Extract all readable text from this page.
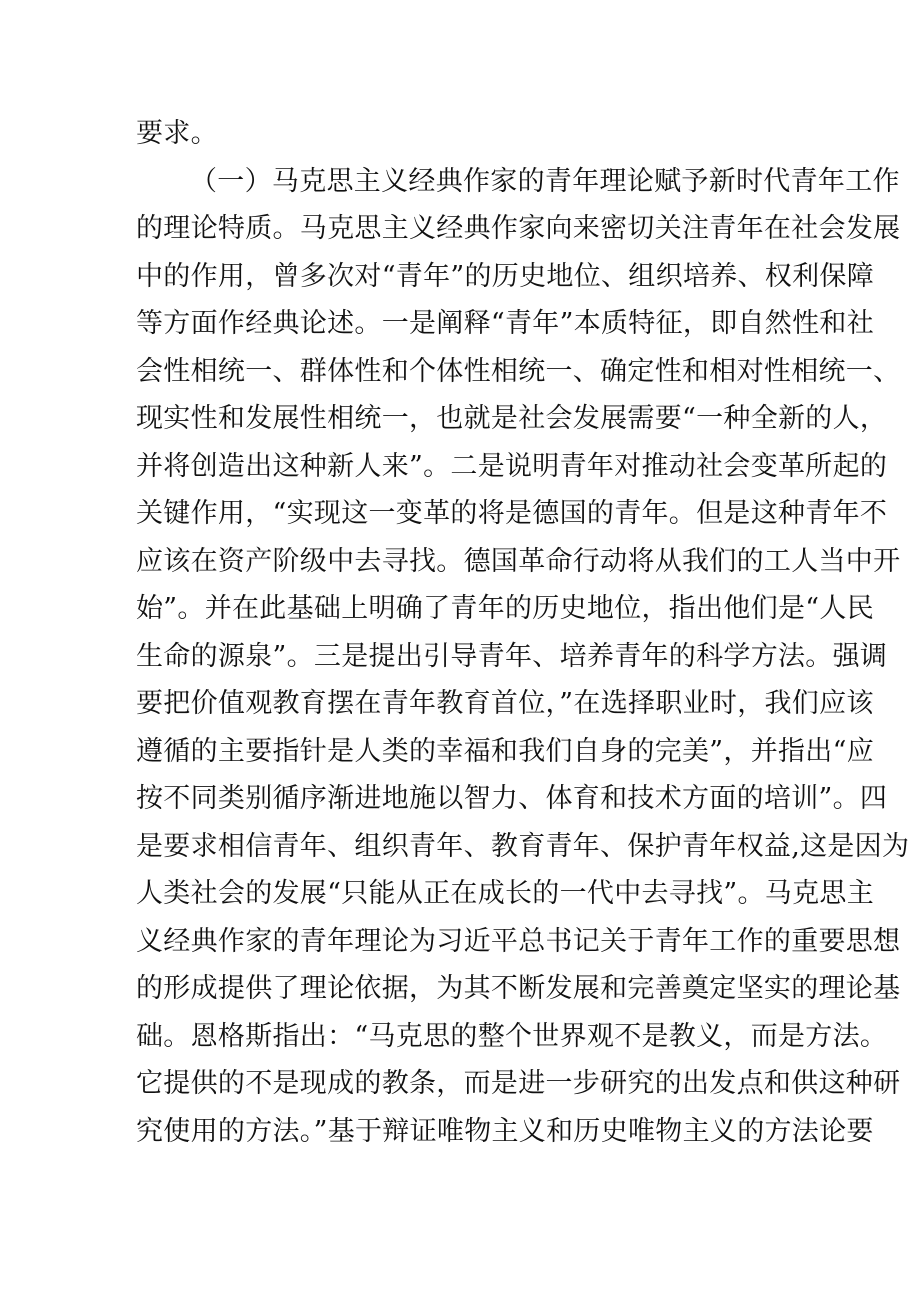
要求。
（一）马克思主义经典作家的青年理论赋予新时代青年工作
的理论特质。马克思主义经典作家向来密切关注青年在社会发展
中的作用，曾多次对“青年”的历史地位、组织培养、权利保障
等方面作经典论述。一是阐释“青年”本质特征，即自然性和社
会性相统一、群体性和个体性相统一、确定性和相对性相统一、
现实性和发展性相统一，也就是社会发展需要“一种全新的人，
并将创造出这种新人来”。二是说明青年对推动社会变革所起的
关键作用，“实现这一变革的将是德国的青年。但是这种青年不
应该在资产阶级中去寻找。德国革命行动将从我们的工人当中开
始”。并在此基础上明确了青年的历史地位，指出他们是“人民
生命的源泉”。三是提出引导青年、培养青年的科学方法。强调
要把价值观教育摆在青年教育首位，”在选择职业时，我们应该
遵循的主要指针是人类的幸福和我们自身的完美”，并指出“应
按不同类别循序渐进地施以智力、体育和技术方面的培训”。四
是要求相信青年、组织青年、教育青年、保护青年权益,这是因为
人类社会的发展“只能从正在成长的一代中去寻找”。马克思主
义经典作家的青年理论为习近平总书记关于青年工作的重要思想
的形成提供了理论依据，为其不断发展和完善奠定坚实的理论基
础。恩格斯指出：“马克思的整个世界观不是教义，而是方法。
它提供的不是现成的教条，而是进一步研究的出发点和供这种研
究使用的方法。”基于辩证唯物主义和历史唯物主义的方法论要
